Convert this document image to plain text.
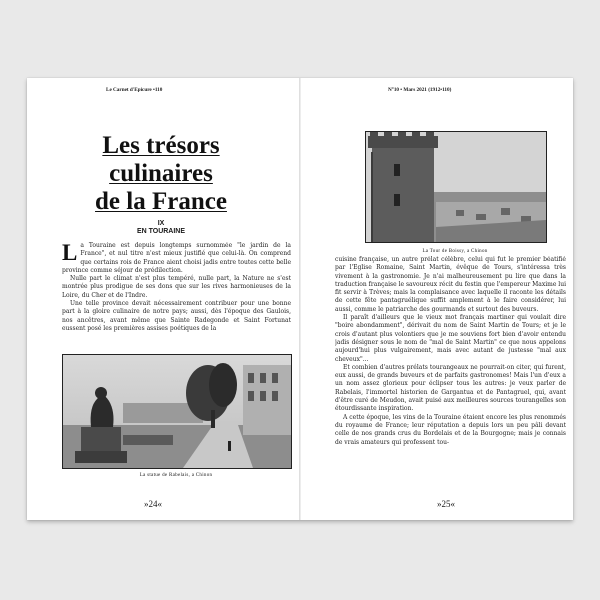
Le Carnet d'Epicure •110
Les trésors
culinaires
de la France
IX
EN TOURAINE

La Touraine est depuis longtemps surnommée "le jardin de la France", et nul titre n'est mieux justifié que celui-là. On comprend que certains rois de France aient choisi jadis entre toutes cette belle province comme séjour de prédilection.

Nulle part le climat n'est plus tempéré, nulle part, la Nature ne s'est montrée plus prodigue de ses dons que sur les rives harmonieuses de la Loire, du Cher et de l'Indre.

Une telle province devait nécessairement contribuer pour une bonne part à la gloire culinaire de notre pays; aussi, dès l'époque des Gaulois, nos ancêtres, avant même que Sainte Radegonde et Saint Fortunat eussent posé les premières assises poétiques de la

La statue de Rabelais, a Chinon
»24«
N°10 • Mars 2021 (1912•110)
La Tour de Boissy, a Chinon

cuisine française, un autre prélat célèbre, celui qui fut le premier béatifié par l'Eglise Romaine, Saint Martin, évêque de Tours, s'intéressa très vivement à la gastronomie. Je n'ai malheureusement pu lire que dans la traduction française le savoureux récit du festin que l'empereur Maxime lui fit servir à Trèves; mais la complaisance avec laquelle il raconte les détails de cette fête pantagruélique suffit amplement à le faire considérer, lui aussi, comme le patriarche des gourmands et surtout des buveurs.

Il paraît d'ailleurs que le vieux mot français martiner qui voulait dire "boire abondamment", dérivait du nom de Saint Martin de Tours; et je le crois d'autant plus volontiers que je me souviens fort bien d'avoir entendu jadis désigner sous le nom de "mal de Saint Martin" ce que nous appelons aujourd'hui plus vulgairement, mais avec autant de justesse "mal aux cheveux"...

Et combien d'autres prélats tourangeaux ne pourrait-on citer, qui furent, eux aussi, de grands buveurs et de parfaits gastronomes! Mais l'un d'eux a un nom assez glorieux pour éclipser tous les autres: je veux parler de Rabelais, l'immortel historien de Gargantua et de Pantagruel, qui, avant d'être curé de Meudon, avait puisé aux meilleures sources tourangelles son étourdissante inspiration.

A cette époque, les vins de la Touraine étaient encore les plus renommés du royaume de France; leur réputation a depuis lors un peu pâli devant celle de nos grands crus du Bordelais et de la Bourgogne; mais je connais de vrais amateurs qui professent tou-

»25«
